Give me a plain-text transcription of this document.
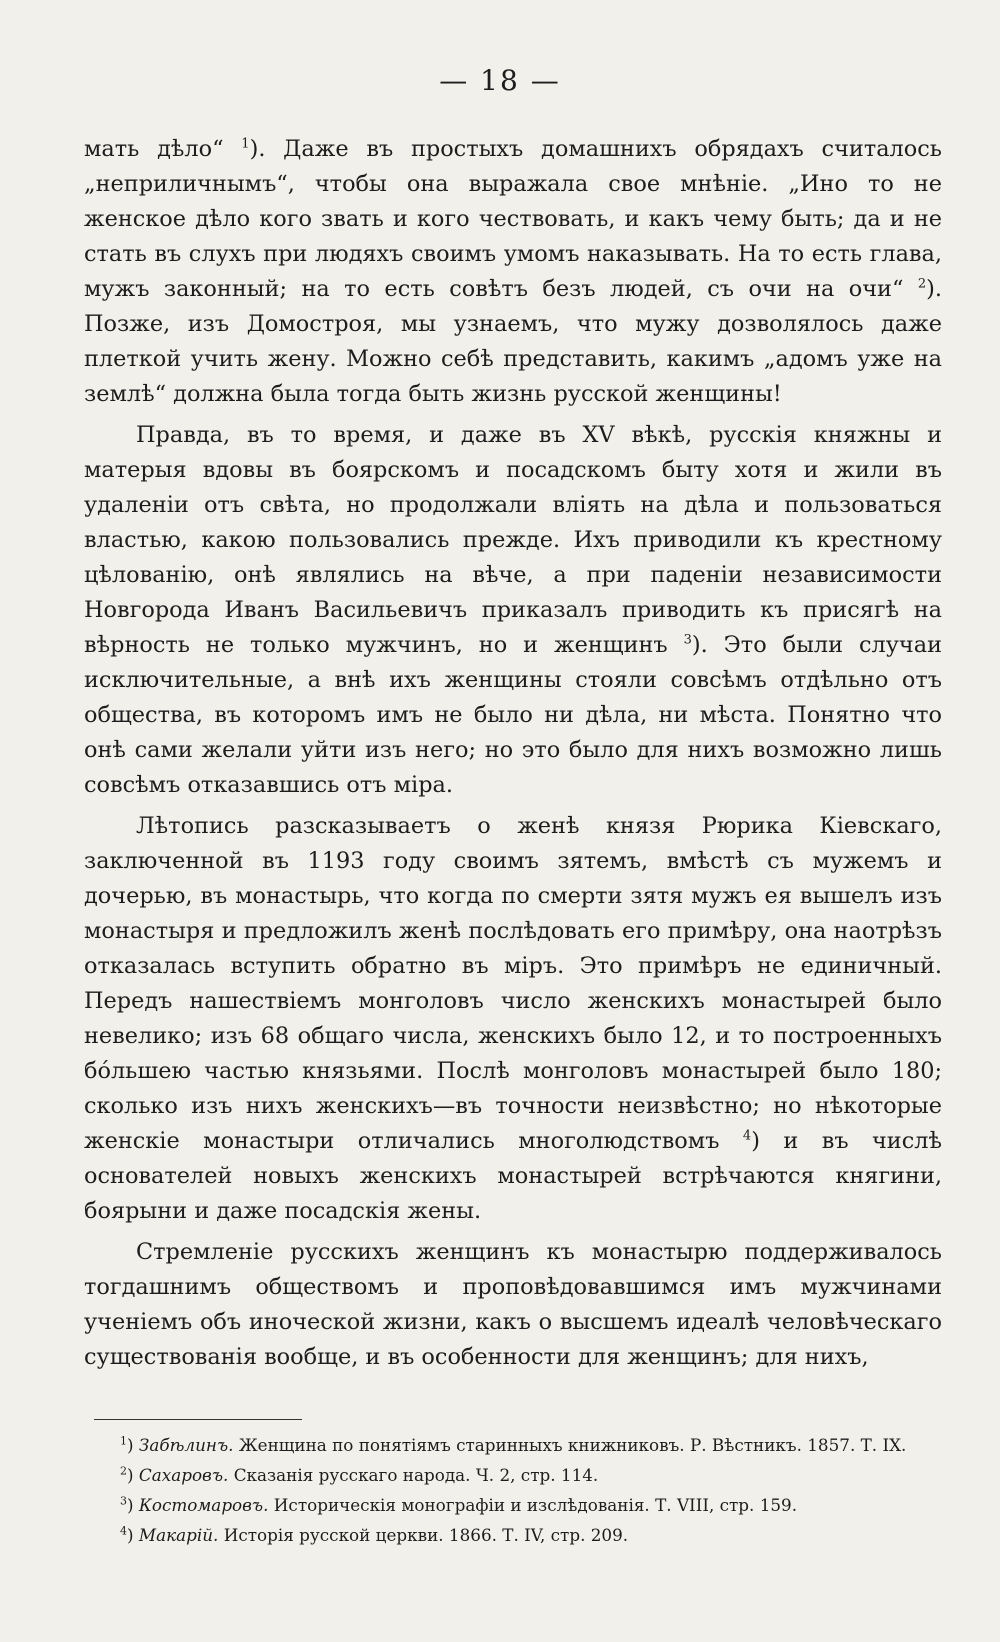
— 18 —

мать дѣло“ $^1$). Даже въ простыхъ домашнихъ обрядахъ считалось „неприличнымъ“, чтобы она выражала свое мнѣніе. „Ино то не женское дѣло кого звать и кого чествовать, и какъ чему быть; да и не стать въ слухъ при людяхъ своимъ умомъ наказывать. На то есть глава, мужъ законный; на то есть совѣтъ безъ людей, съ очи на очи“ $^2$). Позже, изъ Домостроя, мы узнаемъ, что мужу дозволялось даже плеткой учить жену. Можно себѣ представить, какимъ „адомъ уже на землѣ“ должна была тогда быть жизнь русской женщины!

Правда, въ то время, и даже въ XV вѣкѣ, русскія княжны и матерыя вдовы въ боярскомъ и посадскомъ быту хотя и жили въ удаленіи отъ свѣта, но продолжали влiять на дѣла и пользоваться властью, какою пользовались прежде. Ихъ приводили къ крестному цѣлованію, онѣ являлись на вѣче, а при паденіи независимости Новгорода Иванъ Васильевичъ приказалъ приводить къ присягѣ на вѣрность не только мужчинъ, но и женщинъ $^3$). Это были случаи исключительные, а внѣ ихъ женщины стояли совсѣмъ отдѣльно отъ общества, въ которомъ имъ не было ни дѣла, ни мѣста. Понятно что онѣ сами желали уйти изъ него; но это было для нихъ возможно лишь совсѣмъ отказавшись отъ міра.

Лѣтопись разсказываетъ о женѣ князя Рюрика Кіевскаго, заключенной въ 1193 году своимъ зятемъ, вмѣстѣ съ мужемъ и дочерью, въ монастырь, что когда по смерти зятя мужъ ея вышелъ изъ монастыря и предложилъ женѣ послѣдовать его примѣру, она наотрѣзъ отказалась вступить обратно въ міръ. Это примѣръ не единичный. Передъ нашествіемъ монголовъ число женскихъ монастырей было невелико; изъ 68 общаго числа, женскихъ было 12, и то построенныхъ бóльшею частью князьями. Послѣ монголовъ монастырей было 180; сколько изъ нихъ женскихъ—въ точности неизвѣстно; но нѣкоторые женскіе монастыри отличались многолюдствомъ $^4$) и въ числѣ основателей новыхъ женскихъ монастырей встрѣчаются княгини, боярыни и даже посадскія жены.

Стремленіе русскихъ женщинъ къ монастырю поддерживалось тогдашнимъ обществомъ и проповѣдовавшимся имъ мужчинами ученіемъ объ иноческой жизни, какъ о высшемъ идеалѣ человѣческаго существованія вообще, и въ особенности для женщинъ; для нихъ,

$^1$) Забѣлинъ. Женщина по понятіямъ старинныхъ книжниковъ. Р. Вѣстникъ. 1857. Т. IX.
$^2$) Сахаровъ. Сказанія русскаго народа. Ч. 2, стр. 114.
$^3$) Костомаровъ. Историческія монографіи и изслѣдованія. Т. VIII, стр. 159.
$^4$) Макарій. Исторія русской церкви. 1866. Т. IV, стр. 209.
